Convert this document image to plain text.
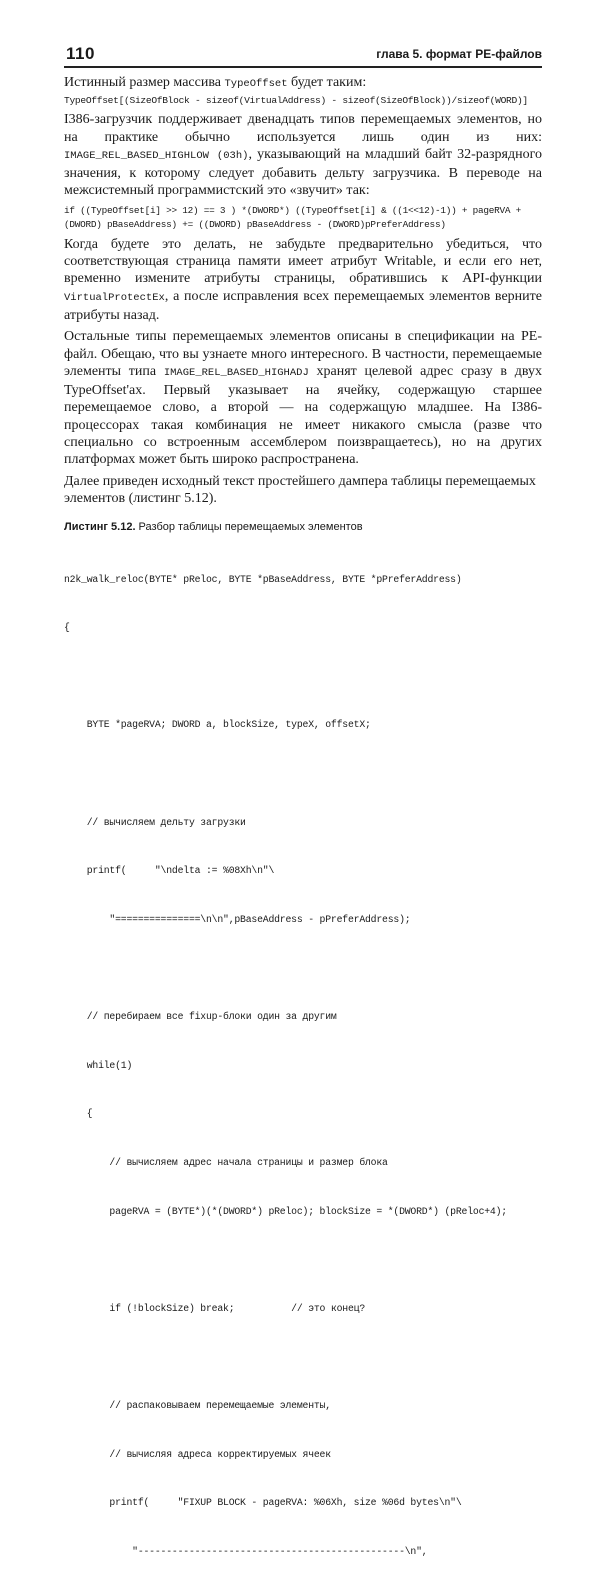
110	глава 5. формат PE-файлов

Истинный размер массива TypeOffset будет таким:

TypeOffset[(SizeOfBlock - sizeof(VirtualAddress) - sizeof(SizeOfBlock))/sizeof(WORD)]

I386-загрузчик поддерживает двенадцать типов перемещаемых элементов, но на практике обычно используется лишь один из них: IMAGE_REL_BASED_HIGHLOW (03h), указывающий на младший байт 32-разрядного значения, к которому следует добавить дельту загрузчика. В переводе на межсистемный программистский это «звучит» так:

if ((TypeOffset[i] >> 12) == 3 ) *(DWORD*) ((TypeOffset[i] & ((1<<12)-1)) + pageRVA +
(DWORD) pBaseAddress) += ((DWORD) pBaseAddress - (DWORD)pPreferAddress)

Когда будете это делать, не забудьте предварительно убедиться, что соответствующая страница памяти имеет атрибут Writable, и если его нет, временно измените атрибуты страницы, обратившись к API-функции VirtualProtectEx, а после исправления всех перемещаемых элементов верните атрибуты назад.

Остальные типы перемещаемых элементов описаны в спецификации на PE-файл. Обещаю, что вы узнаете много интересного. В частности, перемещаемые элементы типа IMAGE_REL_BASED_HIGHADJ хранят целевой адрес сразу в двух TypeOffset'ах. Первый указывает на ячейку, содержащую старшее перемещаемое слово, а второй — на содержащую младшее. На I386-процессорах такая комбинация не имеет никакого смысла (разве что специально со встроенным ассемблером поизвращаетесь), но на других платформах может быть широко распространена.

Далее приведен исходный текст простейшего дампера таблицы перемещаемых элементов (листинг 5.12).

Листинг 5.12. Разбор таблицы перемещаемых элементов

n2k_walk_reloc(BYTE* pReloc, BYTE *pBaseAddress, BYTE *pPreferAddress)

{

BYTE *pageRVA; DWORD a, blockSize, typeX, offsetX;

// вычисляем дельту загрузки

printf(     "\ndelta := %08Xh\n"\

"===============\n\n",pBaseAddress - pPreferAddress);

// перебираем все fixup-блоки один за другим

while(1)

{

// вычисляем адрес начала страницы и размер блока

pageRVA = (BYTE*)(*(DWORD*) pReloc); blockSize = *(DWORD*) (pReloc+4);

if (!blockSize) break;          // это конец?

// распаковываем перемещаемые элементы,

// вычисляя адреса корректируемых ячеек

printf(     "FIXUP BLOCK - pageRVA: %06Xh, size %06d bytes\n"\

"-----------------------------------------------\n",
